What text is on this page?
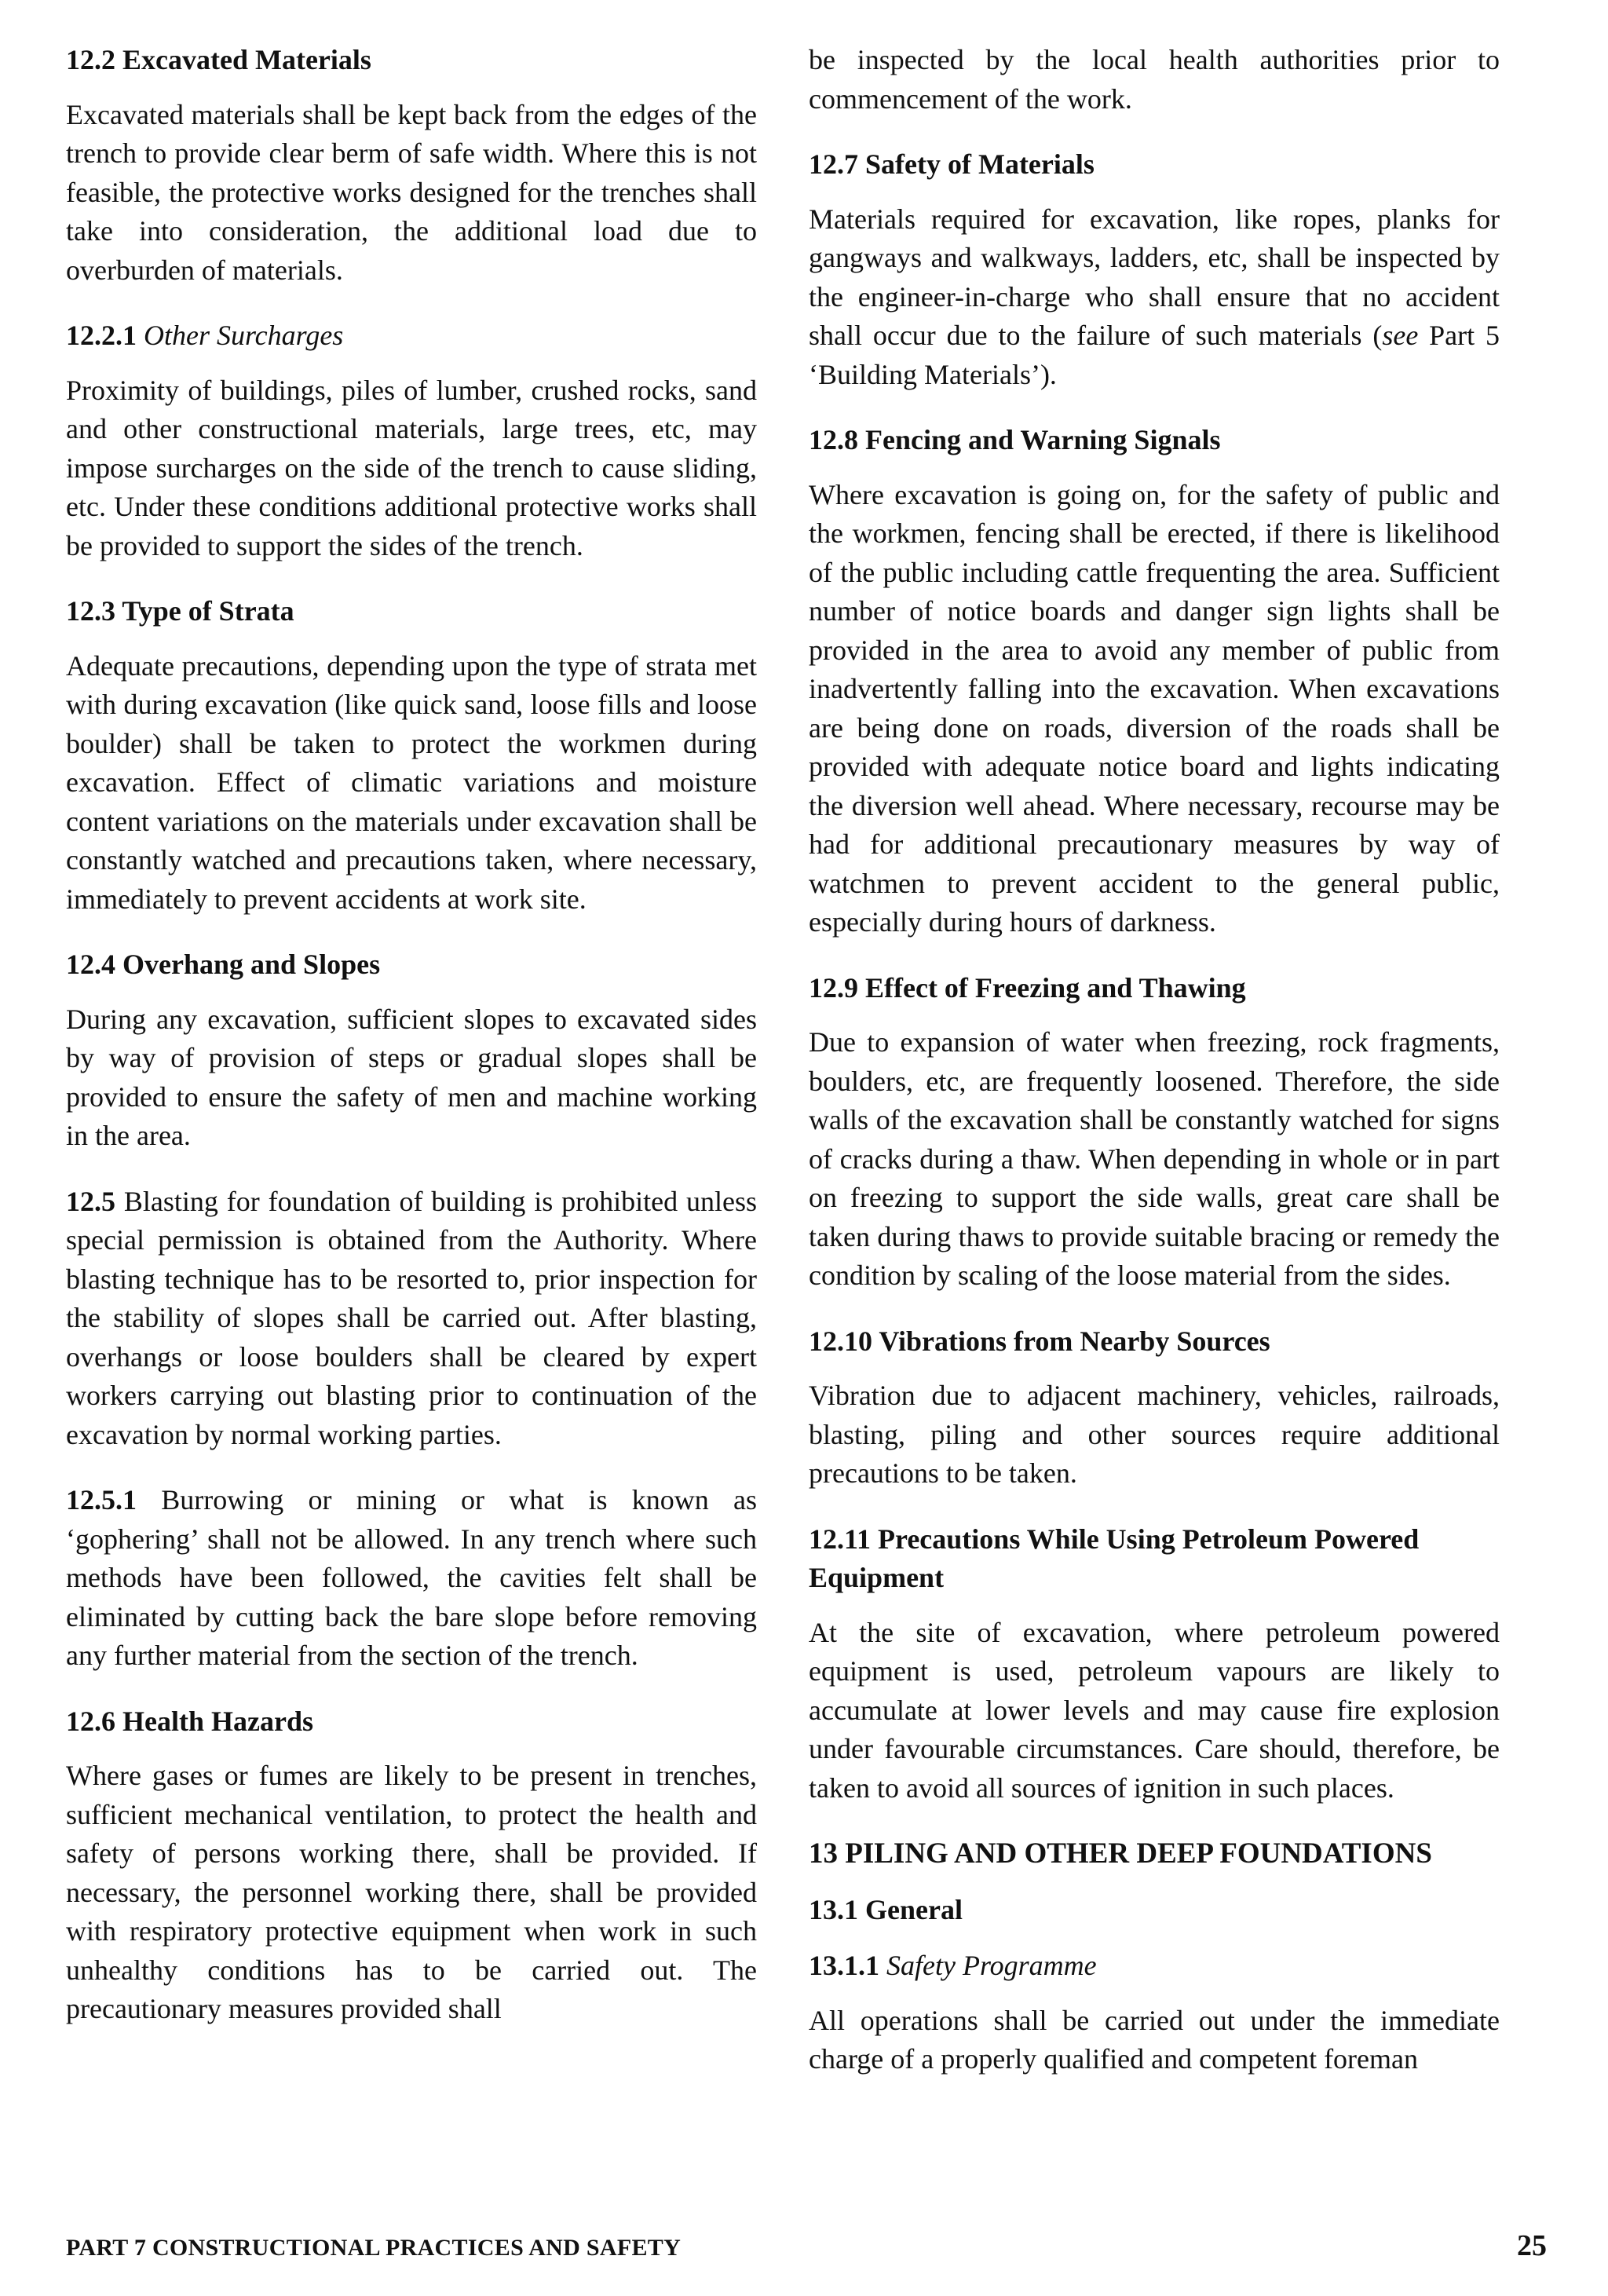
12.2 Excavated Materials

Excavated materials shall be kept back from the edges of the trench to provide clear berm of safe width. Where this is not feasible, the protective works designed for the trenches shall take into consideration, the additional load due to overburden of materials.

12.2.1 Other Surcharges

Proximity of buildings, piles of lumber, crushed rocks, sand and other constructional materials, large trees, etc, may impose surcharges on the side of the trench to cause sliding, etc. Under these conditions additional protective works shall be provided to support the sides of the trench.

12.3 Type of Strata

Adequate precautions, depending upon the type of strata met with during excavation (like quick sand, loose fills and loose boulder) shall be taken to protect the workmen during excavation. Effect of climatic variations and moisture content variations on the materials under excavation shall be constantly watched and precautions taken, where necessary, immediately to prevent accidents at work site.

12.4 Overhang and Slopes

During any excavation, sufficient slopes to excavated sides by way of provision of steps or gradual slopes shall be provided to ensure the safety of men and machine working in the area.

12.5 Blasting for foundation of building is prohibited unless special permission is obtained from the Authority. Where blasting technique has to be resorted to, prior inspection for the stability of slopes shall be carried out. After blasting, overhangs or loose boulders shall be cleared by expert workers carrying out blasting prior to continuation of the excavation by normal working parties.

12.5.1 Burrowing or mining or what is known as ‘gophering’ shall not be allowed. In any trench where such methods have been followed, the cavities felt shall be eliminated by cutting back the bare slope before removing any further material from the section of the trench.

12.6 Health Hazards

Where gases or fumes are likely to be present in trenches, sufficient mechanical ventilation, to protect the health and safety of persons working there, shall be provided. If necessary, the personnel working there, shall be provided with respiratory protective equipment when work in such unhealthy conditions has to be carried out. The precautionary measures provided shall

be inspected by the local health authorities prior to commencement of the work.

12.7 Safety of Materials

Materials required for excavation, like ropes, planks for gangways and walkways, ladders, etc, shall be inspected by the engineer-in-charge who shall ensure that no accident shall occur due to the failure of such materials (see Part 5 ‘Building Materials’).

12.8 Fencing and Warning Signals

Where excavation is going on, for the safety of public and the workmen, fencing shall be erected, if there is likelihood of the public including cattle frequenting the area. Sufficient number of notice boards and danger sign lights shall be provided in the area to avoid any member of public from inadvertently falling into the excavation. When excavations are being done on roads, diversion of the roads shall be provided with adequate notice board and lights indicating the diversion well ahead. Where necessary, recourse may be had for additional precautionary measures by way of watchmen to prevent accident to the general public, especially during hours of darkness.

12.9 Effect of Freezing and Thawing

Due to expansion of water when freezing, rock fragments, boulders, etc, are frequently loosened. Therefore, the side walls of the excavation shall be constantly watched for signs of cracks during a thaw. When depending in whole or in part on freezing to support the side walls, great care shall be taken during thaws to provide suitable bracing or remedy the condition by scaling of the loose material from the sides.

12.10 Vibrations from Nearby Sources

Vibration due to adjacent machinery, vehicles, railroads, blasting, piling and other sources require additional precautions to be taken.

12.11 Precautions While Using Petroleum Powered Equipment

At the site of excavation, where petroleum powered equipment is used, petroleum vapours are likely to accumulate at lower levels and may cause fire explosion under favourable circumstances. Care should, therefore, be taken to avoid all sources of ignition in such places.

13 PILING AND OTHER DEEP FOUNDATIONS
13.1 General
13.1.1 Safety Programme

All operations shall be carried out under the immediate charge of a properly qualified and competent foreman

PART 7 CONSTRUCTIONAL PRACTICES AND SAFETY	25
